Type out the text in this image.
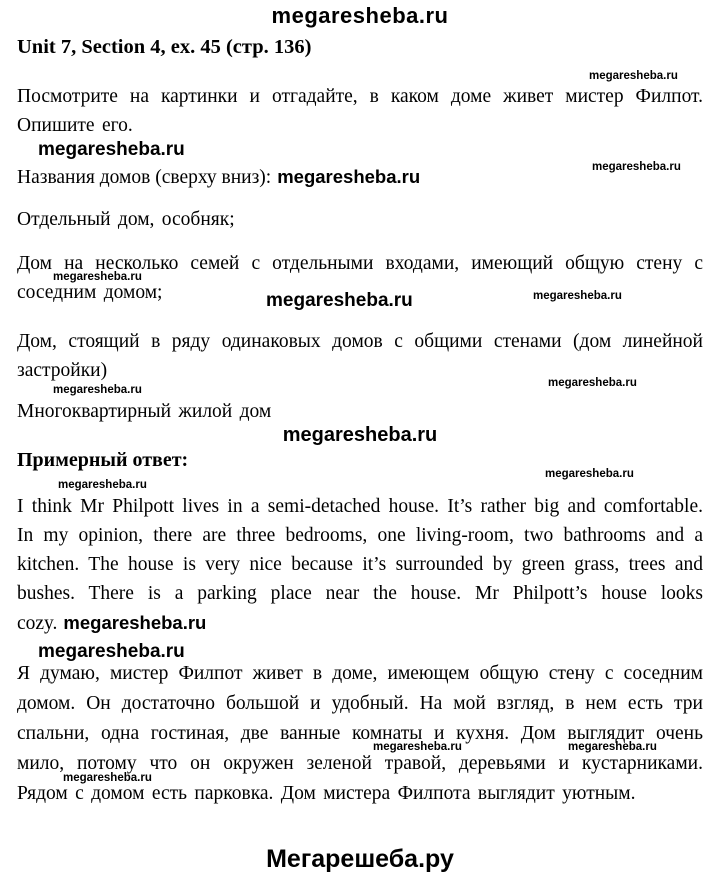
megaresheba.ru
Unit 7, Section 4, ex. 45 (стр. 136)
megaresheba.ru

Посмотрите на картинки и отгадайте, в каком доме живет мистер Филпот. Опишите его.

megaresheba.ru
Названия домов (сверху вниз): megaresheba.ru	megaresheba.ru

Отдельный дом, особняк;

Дом на несколько семей с отдельными входами, имеющий общую стену с соседним домом;

megaresheba.ru
megaresheba.ru	megaresheba.ru

Дом, стоящий в ряду одинаковых домов с общими стенами (дом линейной застройки)

megaresheba.ru
megaresheba.ru

Многоквартирный жилой дом

megaresheba.ru
Примерный ответ:
megaresheba.ru
megaresheba.ru

I think Mr Philpott lives in a semi-detached house. It’s rather big and comfortable. In my opinion, there are three bedrooms, one living-room, two bathrooms and a kitchen. The house is very nice because it’s surrounded by green grass, trees and bushes. There is a parking place near the house. Mr Philpott’s house looks cozy. megaresheba.ru

megaresheba.ru

Я думаю, мистер Филпот живет в доме, имеющем общую стену с соседним домом. Он достаточно большой и удобный. На мой взгляд, в нем есть три спальни, одна гостиная, две ванные комнаты и кухня. Дом выглядит очень мило, потому что он окружен зеленой травой, деревьями и кустарниками. Рядом с домом есть парковка. Дом мистера Филпота выглядит уютным.

megaresheba.ru	megaresheba.ru
megaresheba.ru
Мегарешеба.ру
